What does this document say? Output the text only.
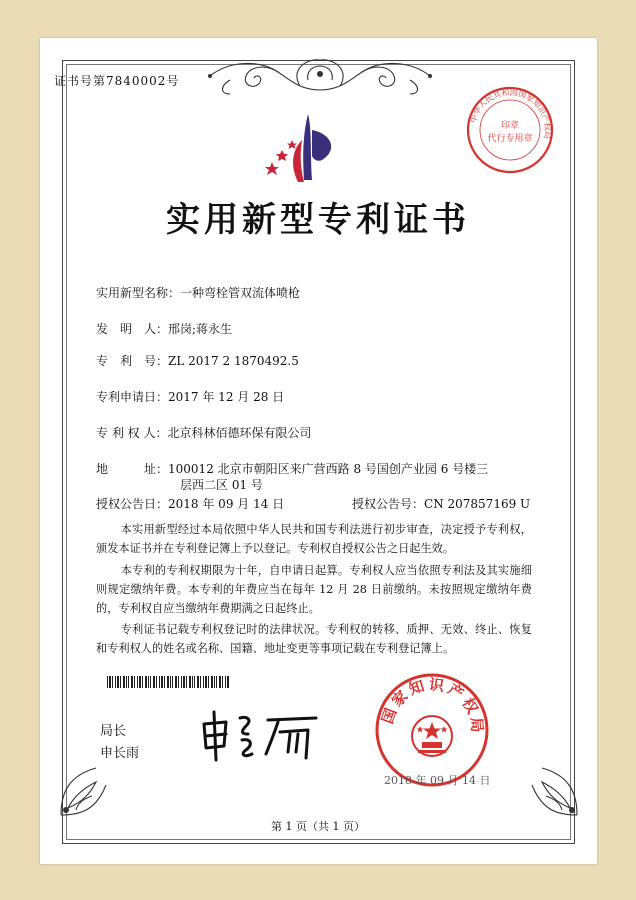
证书号第7840002号
中华人民共和国国家知识产权局
印章
代行专用章
实用新型专利证书
实用新型名称：一种弯栓管双流体喷枪
发　明　人：邢岗;蒋永生
专　利　号：ZL 2017 2 1870492.5
专利申请日：2017 年 12 月 28 日
专 利 权 人：北京科林佰德环保有限公司
地　　　址：100012 北京市朝阳区来广营西路 8 号国创产业园 6 号楼三
层西二区 01 号
授权公告日：2018 年 09 月 14 日	授权公告号：CN 207857169 U

本实用新型经过本局依照中华人民共和国专利法进行初步审查，决定授予专利权，颁发本证书并在专利登记簿上予以登记。专利权自授权公告之日起生效。

本专利的专利权期限为十年，自申请日起算。专利权人应当依照专利法及其实施细则规定缴纳年费。本专利的年费应当在每年 12 月 28 日前缴纳。未按照规定缴纳年费的，专利权自应当缴纳年费期满之日起终止。

专利证书记载专利权登记时的法律状况。专利权的转移、质押、无效、终止、恢复和专利权人的姓名或名称、国籍、地址变更等事项记载在专利登记簿上。

局长
申长雨
国家知识产权局
2018 年 09 月 14 日
第 1 页（共 1 页）
